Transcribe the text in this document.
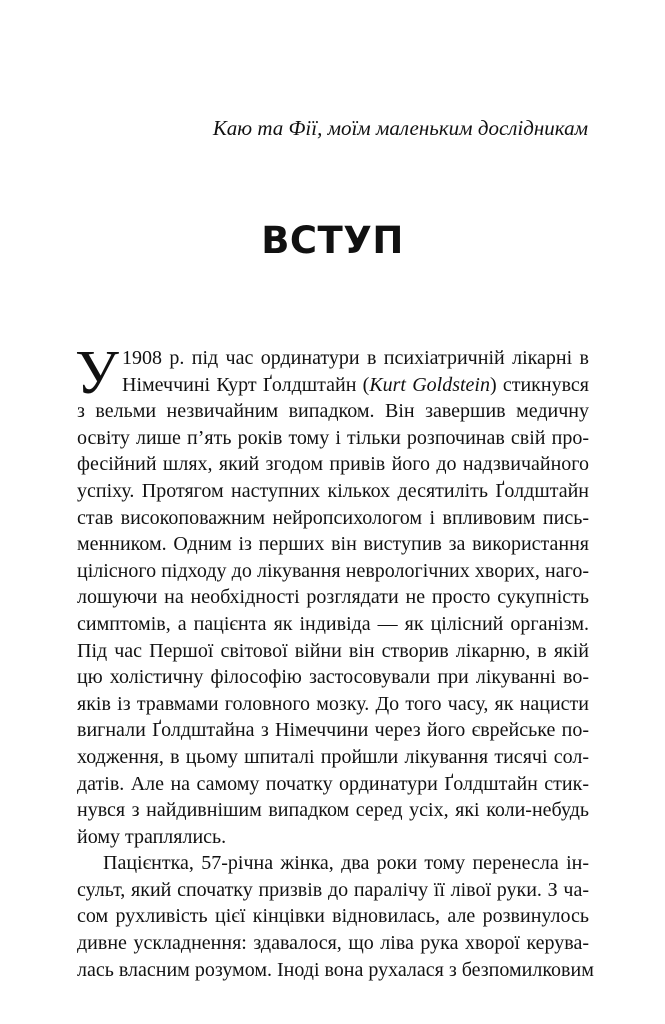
Каю та Фії, моїм маленьким дослідникам
ВСТУП
У 1908 р. під час ординатури в психіатричній лікарні в
Німеччині Курт Ґолдштайн (Kurt Goldstein) стикнувся
з вельми незвичайним випадком. Він завершив медичну
освіту лише п’ять років тому і тільки розпочинав свій про-
фесійний шлях, який згодом привів його до надзвичайного
успіху. Протягом наступних кількох десятиліть Ґолдштайн
став високоповажним нейропсихологом і впливовим пись-
менником. Одним із перших він виступив за використання
цілісного підходу до лікування неврологічних хворих, наго-
лошуючи на необхідності розглядати не просто сукупність
симптомів, а пацієнта як індивіда — як цілісний організм.
Під час Першої світової війни він створив лікарню, в якій
цю холістичну філософію застосовували при лікуванні во-
яків із травмами головного мозку. До того часу, як нацисти
вигнали Ґолдштайна з Німеччини через його єврейське по-
ходження, в цьому шпиталі пройшли лікування тисячі сол-
датів. Але на самому початку ординатури Ґолдштайн стик-
нувся з найдивнішим випадком серед усіх, які коли-небудь
йому траплялись.
Пацієнтка, 57-річна жінка, два роки тому перенесла ін-
сульт, який спочатку призвів до паралічу її лівої руки. З ча-
сом рухливість цієї кінцівки відновилась, але розвинулось
дивне ускладнення: здавалося, що ліва рука хворої керува-
лась власним розумом. Іноді вона рухалася з безпомилковим
